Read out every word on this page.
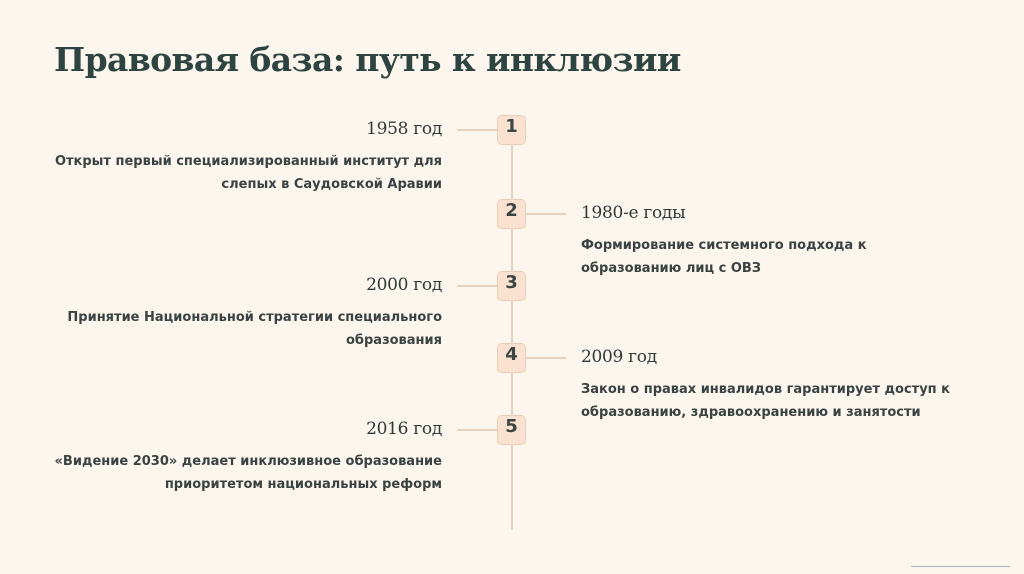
Правовая база: путь к инклюзии
1
1958 год
Открыт первый специализированный институт для слепых в Саудовской Аравии
2	1980-е годы
Формирование системного подхода к образованию лиц с ОВЗ
3
2000 год
Принятие Национальной стратегии специального образования
4	2009 год
Закон о правах инвалидов гарантирует доступ к образованию, здравоохранению и занятости
5
2016 год
«Видение 2030» делает инклюзивное образование приоритетом национальных реформ
